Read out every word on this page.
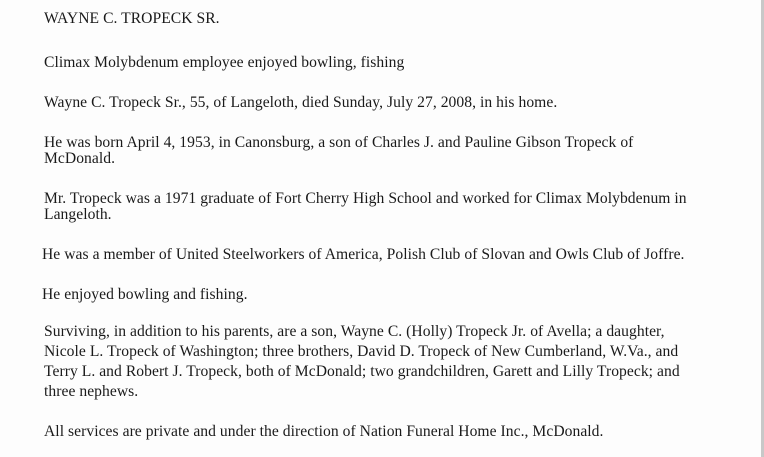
WAYNE C. TROPECK SR.
Climax Molybdenum employee enjoyed bowling, fishing
Wayne C. Tropeck Sr., 55, of Langeloth, died Sunday, July 27, 2008, in his home.
He was born April 4, 1953, in Canonsburg, a son of Charles J. and Pauline Gibson Tropeck of
McDonald.
Mr. Tropeck was a 1971 graduate of Fort Cherry High School and worked for Climax Molybdenum in
Langeloth.
He was a member of United Steelworkers of America, Polish Club of Slovan and Owls Club of Joffre.
He enjoyed bowling and fishing.
Surviving, in addition to his parents, are a son, Wayne C. (Holly) Tropeck Jr. of Avella; a daughter,
Nicole L. Tropeck of Washington; three brothers, David D. Tropeck of New Cumberland, W.Va., and
Terry L. and Robert J. Tropeck, both of McDonald; two grandchildren, Garett and Lilly Tropeck; and
three nephews.
All services are private and under the direction of Nation Funeral Home Inc., McDonald.
